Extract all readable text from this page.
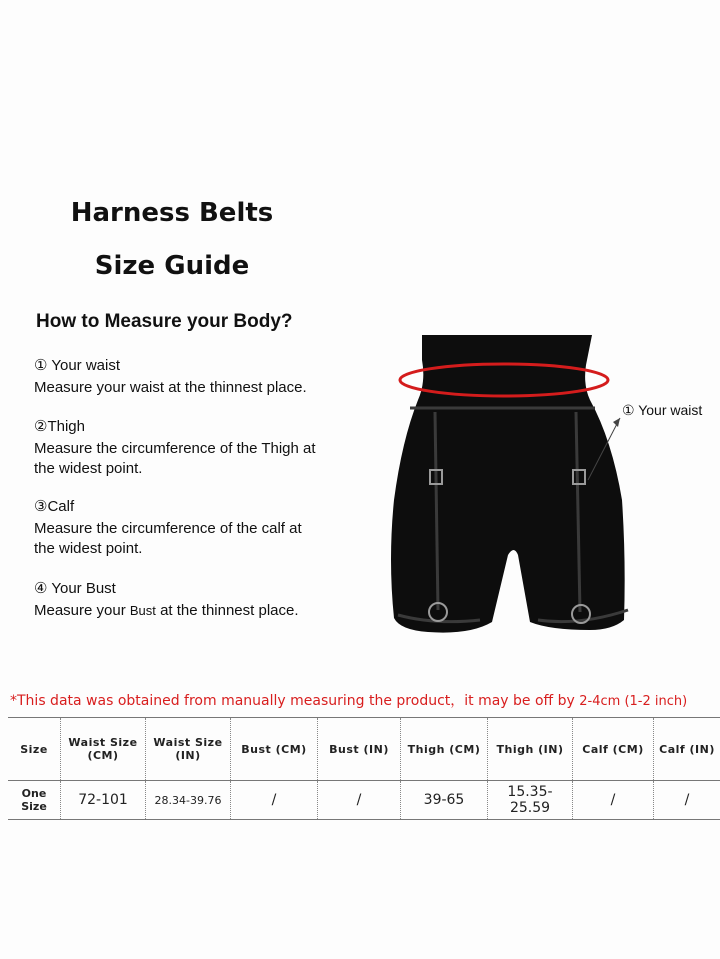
Harness Belts
Size Guide
How to Measure your Body?
① Your waist
Measure your waist at the thinnest place.
②Thigh
Measure the circumference of the Thigh at the widest point.
③Calf
Measure the circumference of the calf at the widest point.
④ Your Bust
Measure your Bust at the thinnest place.
① Your waist
*This data was obtained from manually measuring the product，it may be off by 2-4cm (1-2 inch)
Size	Waist Size (CM)	Waist Size (IN)	Bust (CM)	Bust (IN)	Thigh (CM)	Thigh (IN)	Calf (CM)	Calf (IN)
One Size	72-101	28.34-39.76	/	/	39-65	15.35-25.59	/	/
